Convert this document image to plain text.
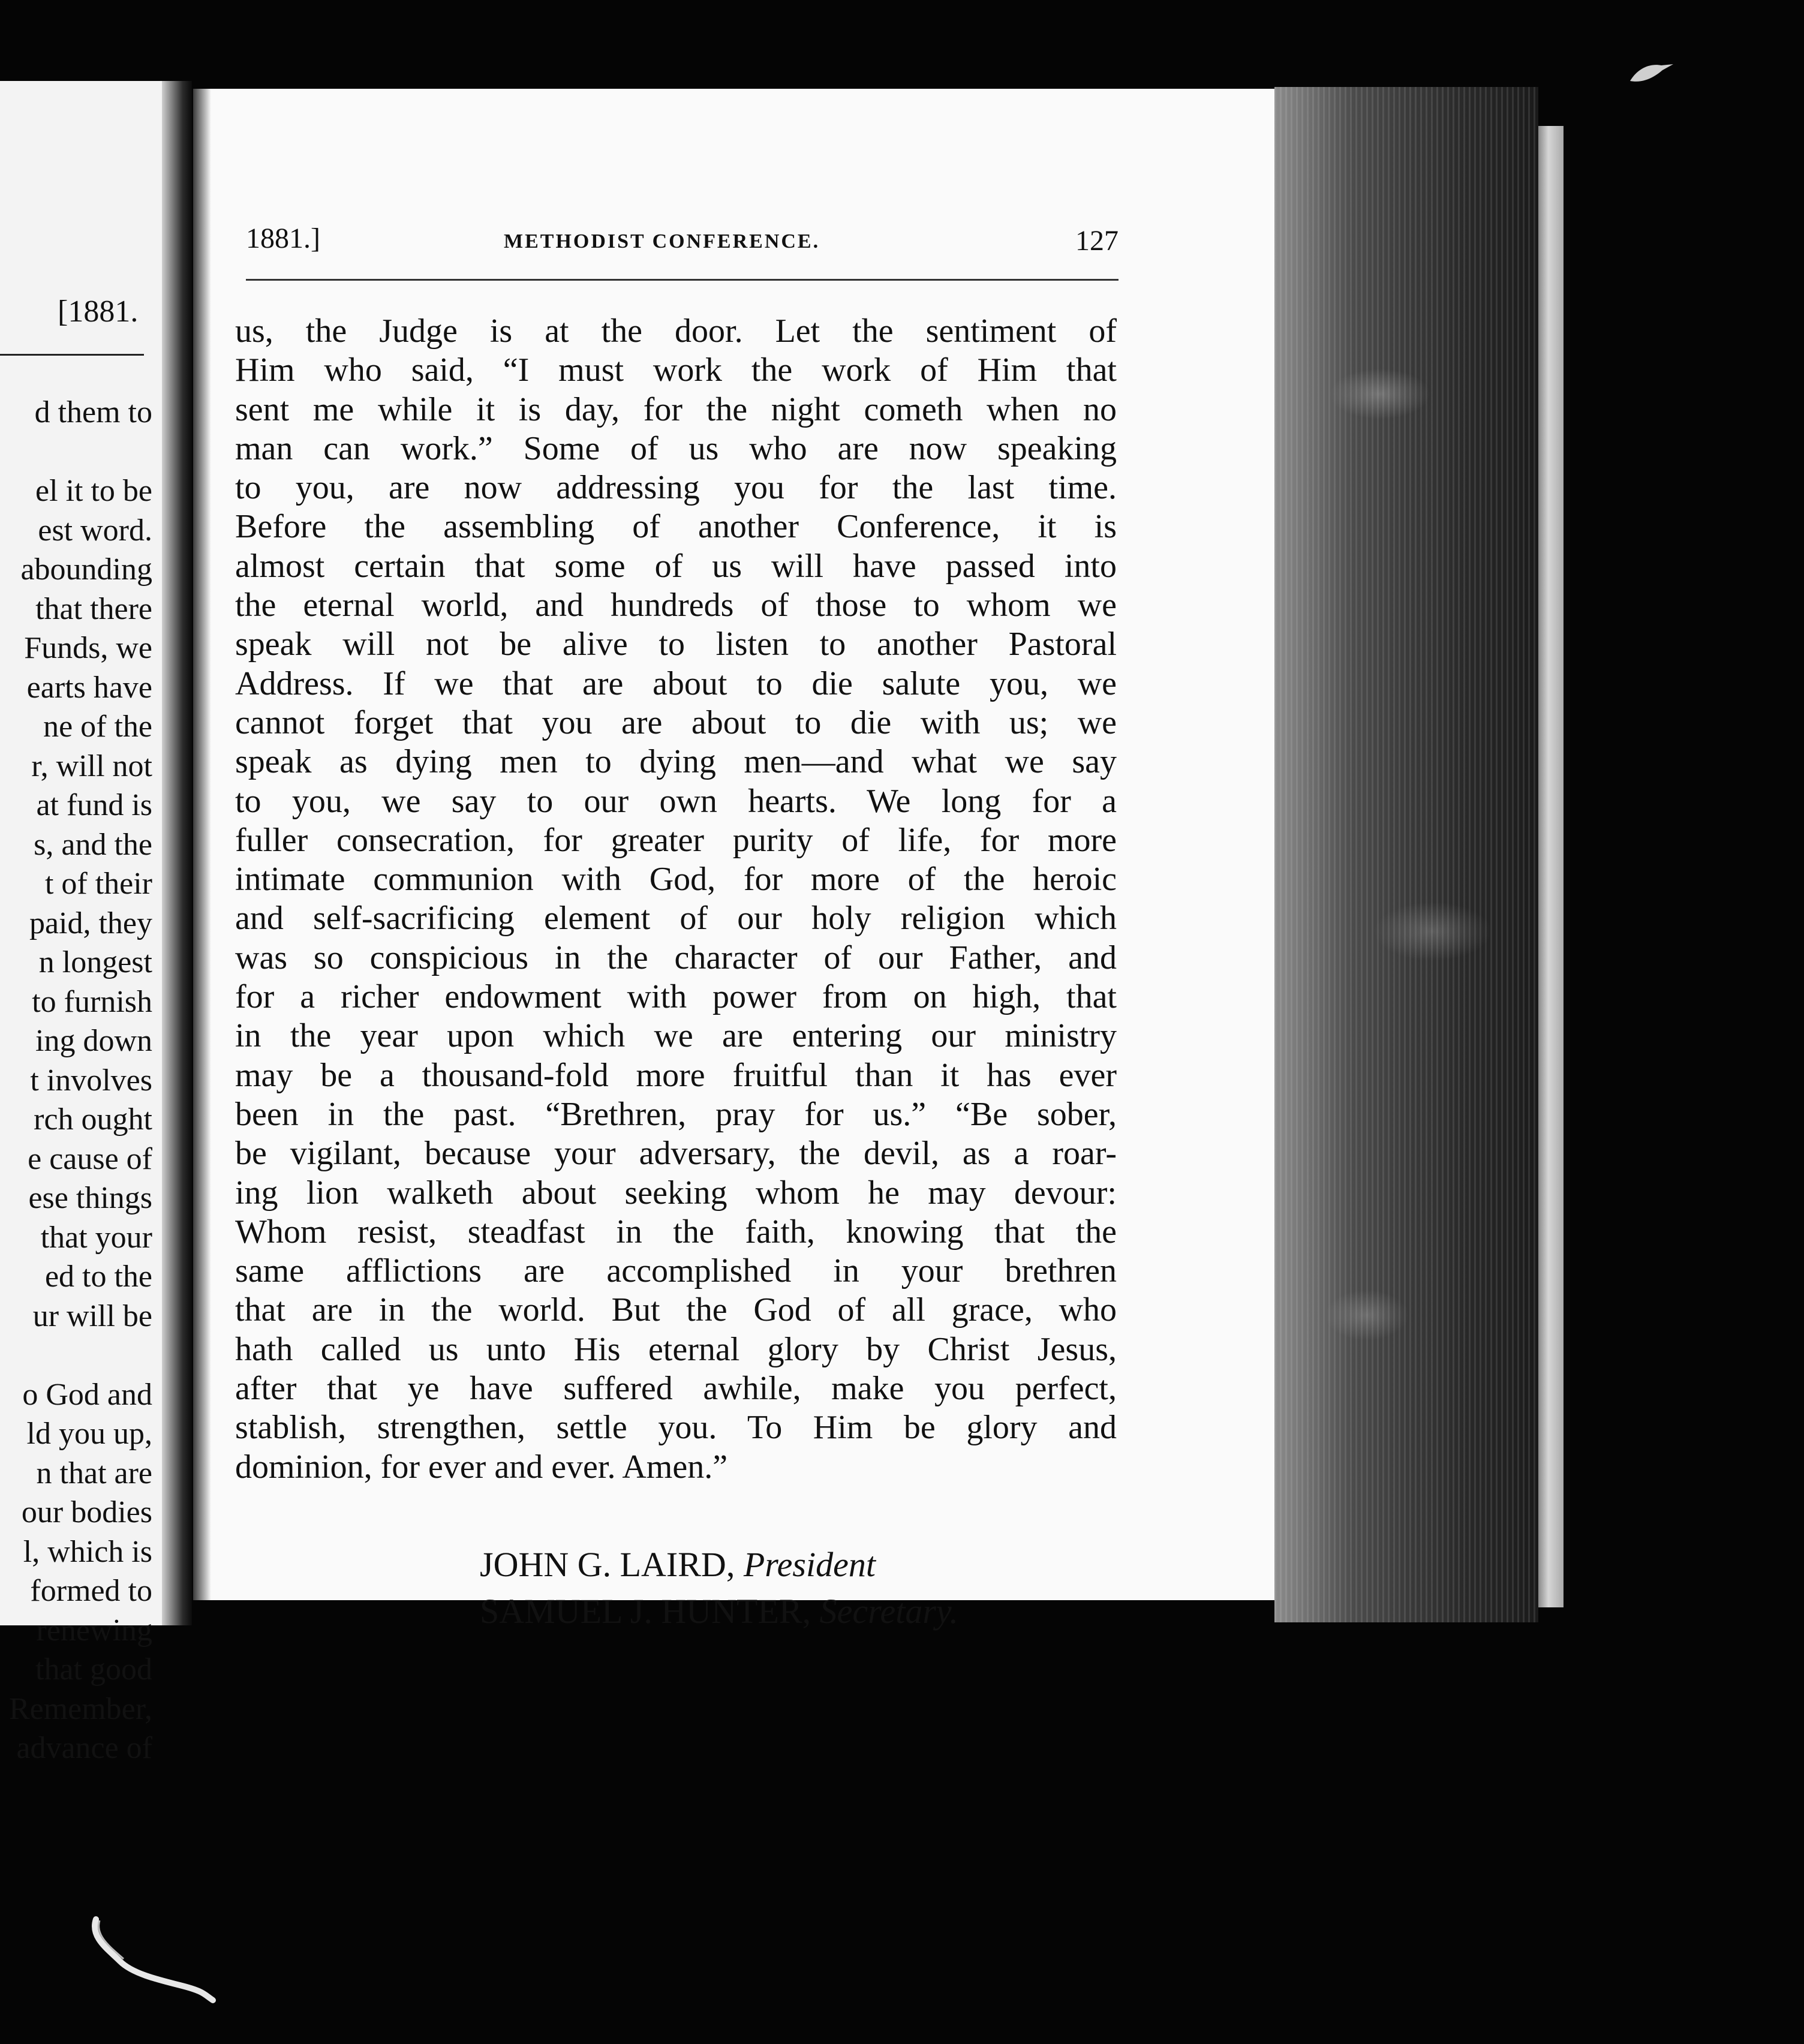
[1881.
d them to
el it to be
est word.
abounding
that there
Funds, we
earts have
ne of the
r, will not
at fund is
s, and the
t of their
paid, they
n longest
to furnish
ing down
t involves
rch ought
e cause of
ese things
that your
ed to the
ur will be
o God and
ld you up,
n that are
our bodies
l, which is
formed to
renewing
that good
Remember,
advance of
1881.]	METHODIST CONFERENCE.	127
us, the Judge is at the door. Let the sentiment of
Him who said, “I must work the work of Him that
sent me while it is day, for the night cometh when no
man can work.” Some of us who are now speaking
to you, are now addressing you for the last time.
Before the assembling of another Conference, it is
almost certain that some of us will have passed into
the eternal world, and hundreds of those to whom we
speak will not be alive to listen to another Pastoral
Address. If we that are about to die salute you, we
cannot forget that you are about to die with us; we
speak as dying men to dying men—and what we say
to you, we say to our own hearts. We long for a
fuller consecration, for greater purity of life, for more
intimate communion with God, for more of the heroic
and self-sacrificing element of our holy religion which
was so conspicious in the character of our Father, and
for a richer endowment with power from on high, that
in the year upon which we are entering our ministry
may be a thousand-fold more fruitful than it has ever
been in the past. “Brethren, pray for us.” “Be sober,
be vigilant, because your adversary, the devil, as a roar-
ing lion walketh about seeking whom he may devour:
Whom resist, steadfast in the faith, knowing that the
same afflictions are accomplished in your brethren
that are in the world. But the God of all grace, who
hath called us unto His eternal glory by Christ Jesus,
after that ye have suffered awhile, make you perfect,
stablish, strengthen, settle you. To Him be glory and
dominion, for ever and ever. Amen.”
JOHN G. LAIRD, President
SAMUEL J. HUNTER, Secretary.
